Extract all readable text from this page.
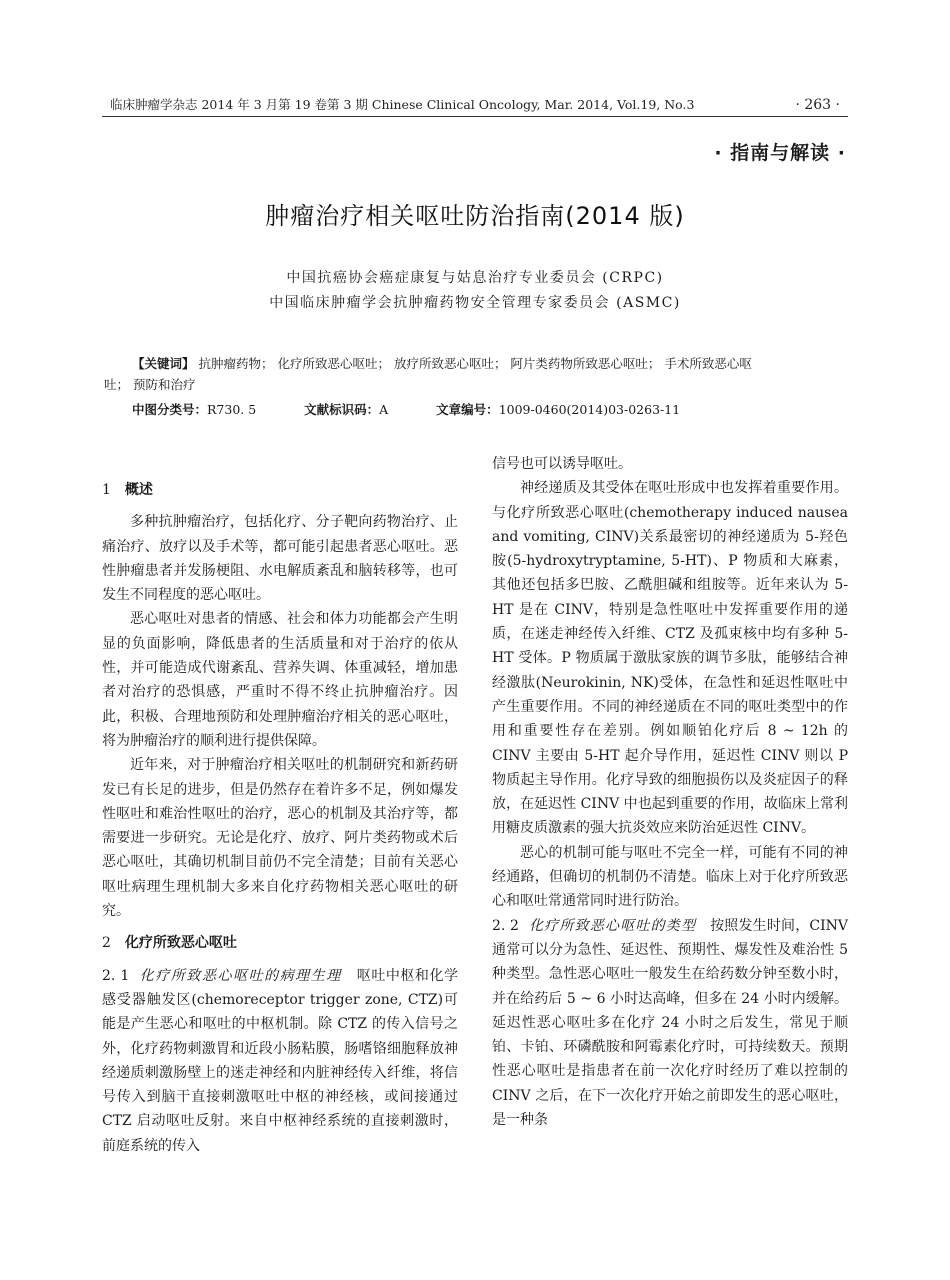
临床肿瘤学杂志 2014 年 3 月第 19 卷第 3 期 Chinese Clinical Oncology, Mar. 2014, Vol.19, No.3	· 263 ·
· 指南与解读 ·
肿瘤治疗相关呕吐防治指南(2014 版)
中国抗癌协会癌症康复与姑息治疗专业委员会 (CRPC)
中国临床肿瘤学会抗肿瘤药物安全管理专家委员会 (ASMC)
【关键词】 抗肿瘤药物； 化疗所致恶心呕吐； 放疗所致恶心呕吐； 阿片类药物所致恶心呕吐； 手术所致恶心呕
吐； 预防和治疗
中图分类号：R730. 5	文献标识码：A	文章编号：1009-0460(2014)03-0263-11
1 概述

多种抗肿瘤治疗，包括化疗、分子靶向药物治疗、止痛治疗、放疗以及手术等，都可能引起患者恶心呕吐。恶性肿瘤患者并发肠梗阻、水电解质紊乱和脑转移等，也可发生不同程度的恶心呕吐。

恶心呕吐对患者的情感、社会和体力功能都会产生明显的负面影响，降低患者的生活质量和对于治疗的依从性，并可能造成代谢紊乱、营养失调、体重减轻，增加患者对治疗的恐惧感，严重时不得不终止抗肿瘤治疗。因此，积极、合理地预防和处理肿瘤治疗相关的恶心呕吐，将为肿瘤治疗的顺利进行提供保障。

近年来，对于肿瘤治疗相关呕吐的机制研究和新药研发已有长足的进步，但是仍然存在着许多不足，例如爆发性呕吐和难治性呕吐的治疗，恶心的机制及其治疗等，都需要进一步研究。无论是化疗、放疗、阿片类药物或术后恶心呕吐，其确切机制目前仍不完全清楚；目前有关恶心呕吐病理生理机制大多来自化疗药物相关恶心呕吐的研究。

2 化疗所致恶心呕吐

2. 1 化疗所致恶心呕吐的病理生理 呕吐中枢和化学感受器触发区(chemoreceptor trigger zone, CTZ)可能是产生恶心和呕吐的中枢机制。除 CTZ 的传入信号之外，化疗药物刺激胃和近段小肠粘膜，肠嗜铬细胞释放神经递质刺激肠壁上的迷走神经和内脏神经传入纤维，将信号传入到脑干直接刺激呕吐中枢的神经核，或间接通过 CTZ 启动呕吐反射。来自中枢神经系统的直接刺激时，前庭系统的传入

信号也可以诱导呕吐。

神经递质及其受体在呕吐形成中也发挥着重要作用。与化疗所致恶心呕吐(chemotherapy induced nausea and vomiting, CINV)关系最密切的神经递质为 5-羟色胺(5-hydroxytryptamine, 5-HT)、P 物质和大麻素，其他还包括多巴胺、乙酰胆碱和组胺等。近年来认为 5-HT 是在 CINV，特别是急性呕吐中发挥重要作用的递质，在迷走神经传入纤维、CTZ 及孤束核中均有多种 5-HT 受体。P 物质属于激肽家族的调节多肽，能够结合神经激肽(Neurokinin, NK)受体，在急性和延迟性呕吐中产生重要作用。不同的神经递质在不同的呕吐类型中的作用和重要性存在差别。例如顺铂化疗后 8 ~ 12h 的 CINV 主要由 5-HT 起介导作用，延迟性 CINV 则以 P 物质起主导作用。化疗导致的细胞损伤以及炎症因子的释放，在延迟性 CINV 中也起到重要的作用，故临床上常利用糖皮质激素的强大抗炎效应来防治延迟性 CINV。

恶心的机制可能与呕吐不完全一样，可能有不同的神经通路，但确切的机制仍不清楚。临床上对于化疗所致恶心和呕吐常通常同时进行防治。

2. 2 化疗所致恶心呕吐的类型 按照发生时间，CINV 通常可以分为急性、延迟性、预期性、爆发性及难治性 5 种类型。急性恶心呕吐一般发生在给药数分钟至数小时，并在给药后 5 ~ 6 小时达高峰，但多在 24 小时内缓解。延迟性恶心呕吐多在化疗 24 小时之后发生，常见于顺铂、卡铂、环磷酰胺和阿霉素化疗时，可持续数天。预期性恶心呕吐是指患者在前一次化疗时经历了难以控制的 CINV 之后，在下一次化疗开始之前即发生的恶心呕吐，是一种条
